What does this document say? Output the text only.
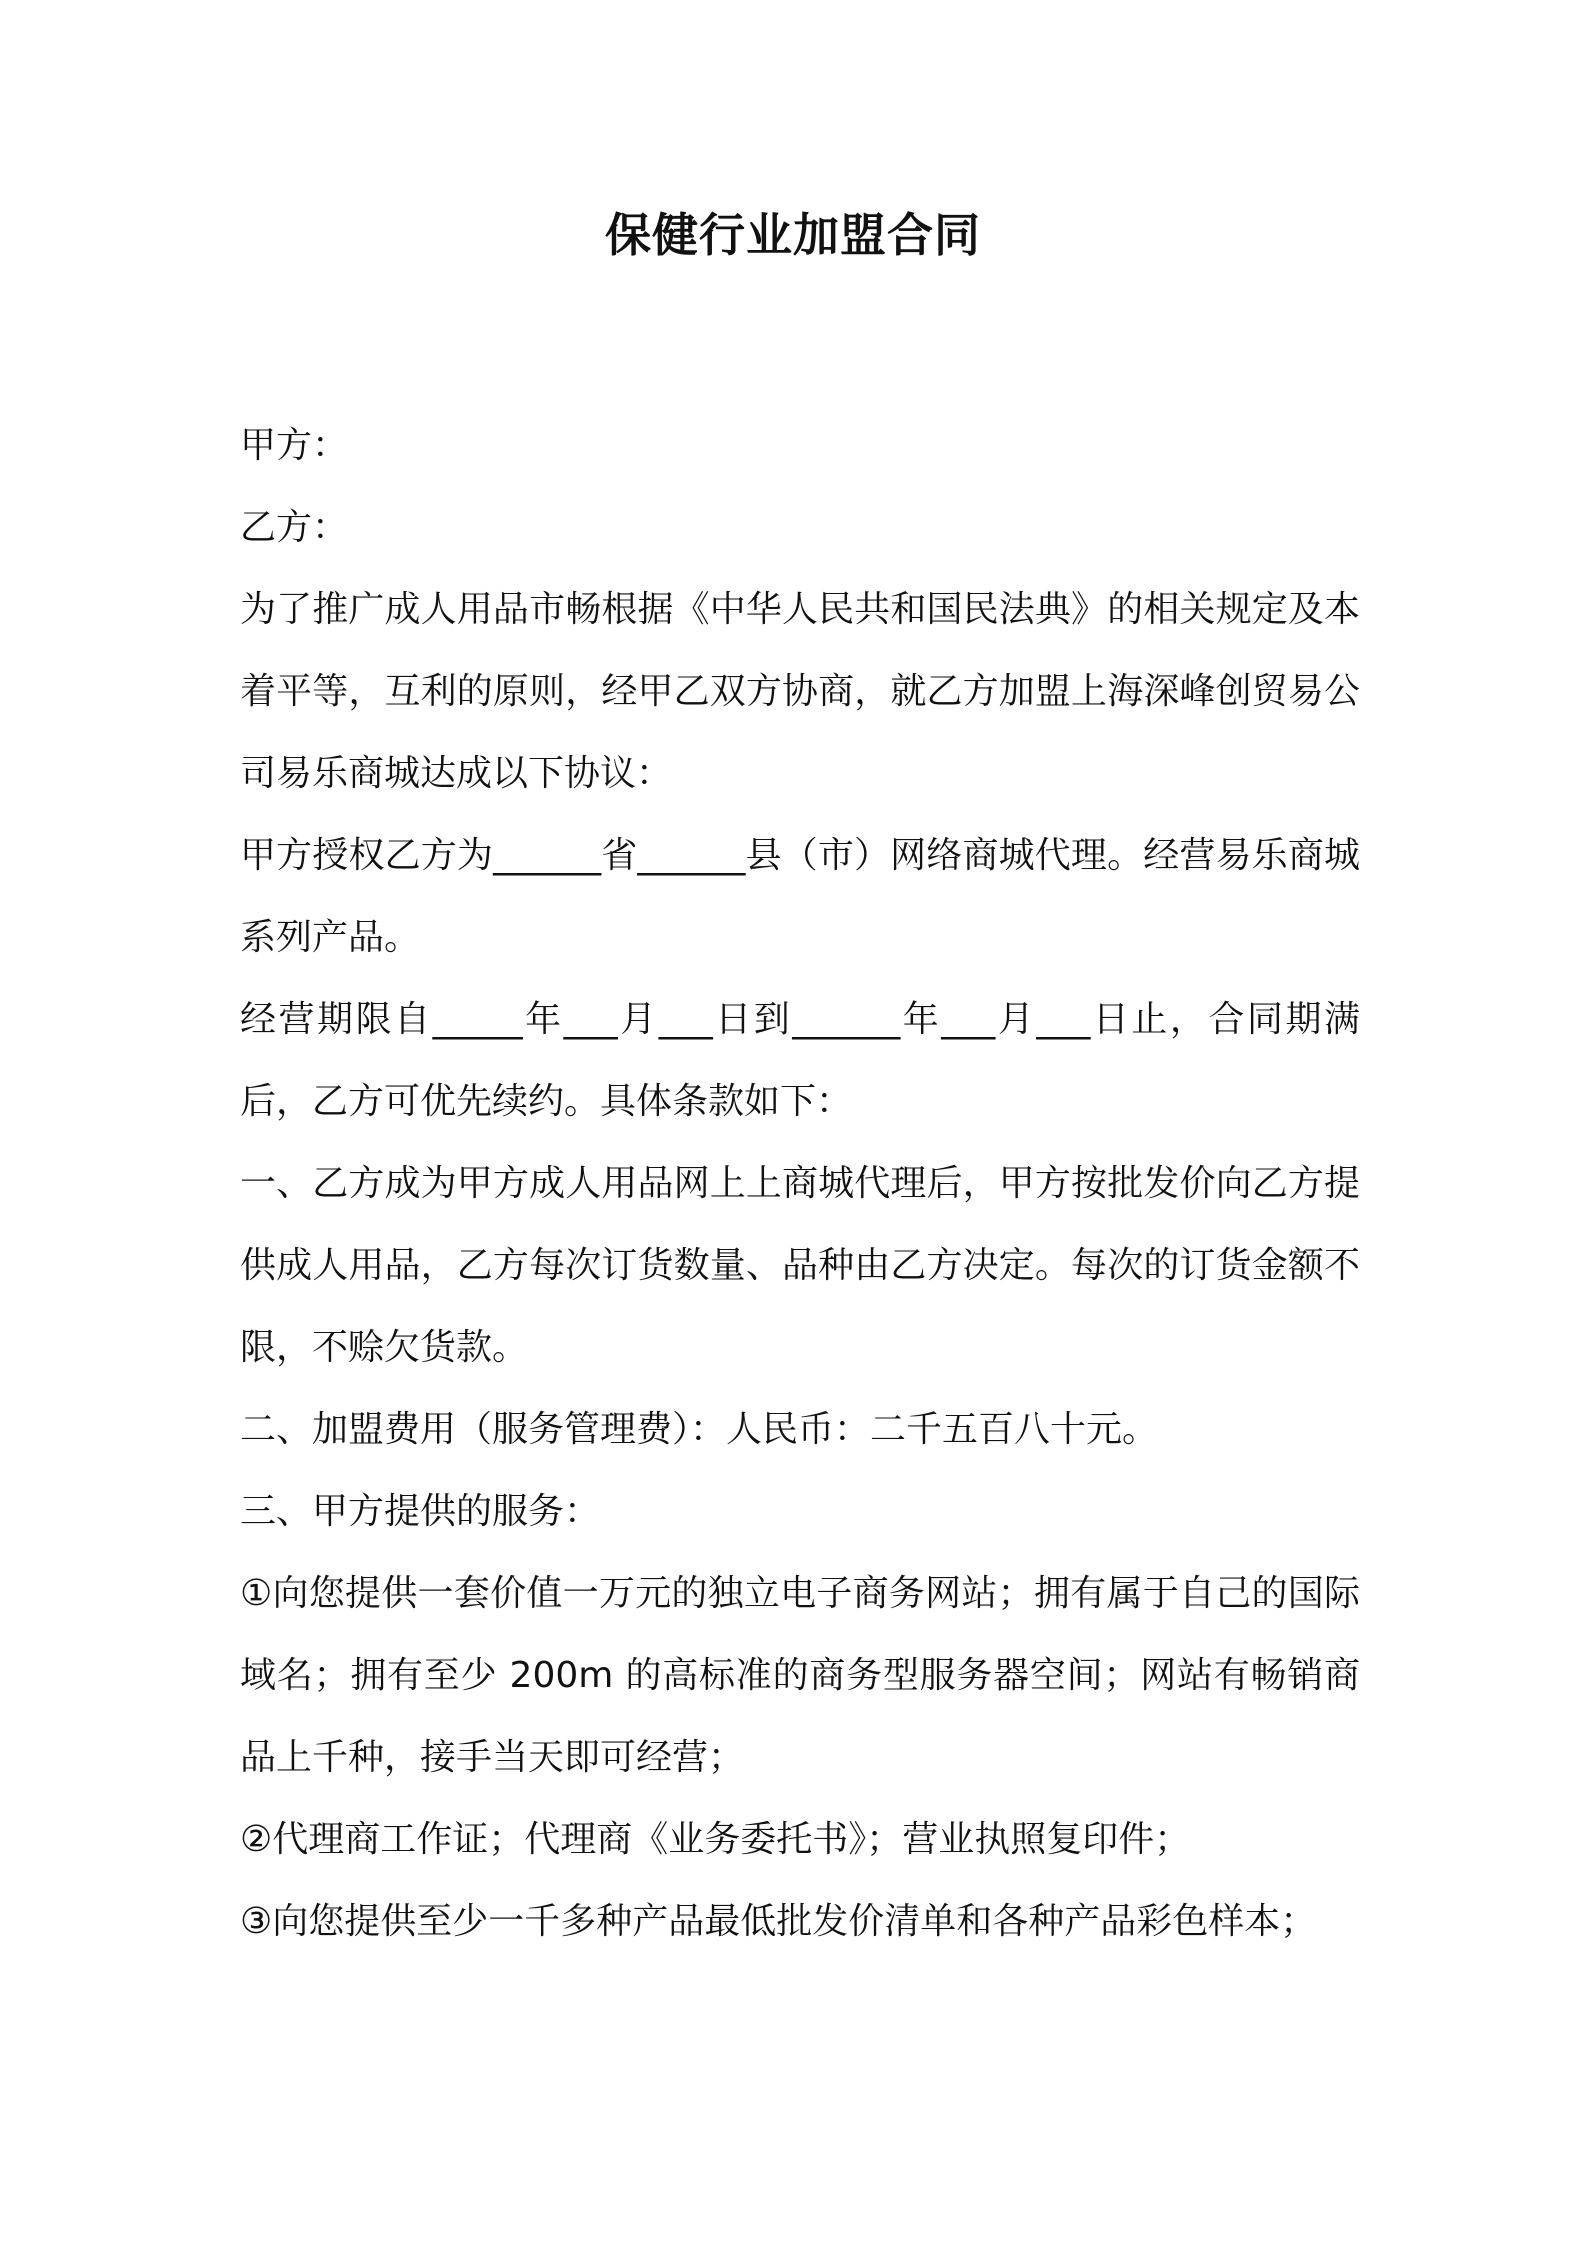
保健行业加盟合同

甲方：

乙方：

为了推广成人用品市畅根据《中华人民共和国民法典》的相关规定及本着平等，互利的原则，经甲乙双方协商，就乙方加盟上海深峰创贸易公司易乐商城达成以下协议：

甲方授权乙方为______省______县（市）网络商城代理。经营易乐商城系列产品。

经营期限自_____年___月___日到______年___月___日止，合同期满后，乙方可优先续约。具体条款如下：

一、乙方成为甲方成人用品网上上商城代理后，甲方按批发价向乙方提供成人用品，乙方每次订货数量、品种由乙方决定。每次的订货金额不限，不赊欠货款。

二、加盟费用（服务管理费）：人民币：二千五百八十元。

三、甲方提供的服务：

①向您提供一套价值一万元的独立电子商务网站；拥有属于自己的国际域名；拥有至少 200m 的高标准的商务型服务器空间；网站有畅销商品上千种，接手当天即可经营；

②代理商工作证；代理商《业务委托书》；营业执照复印件；

③向您提供至少一千多种产品最低批发价清单和各种产品彩色样本；
